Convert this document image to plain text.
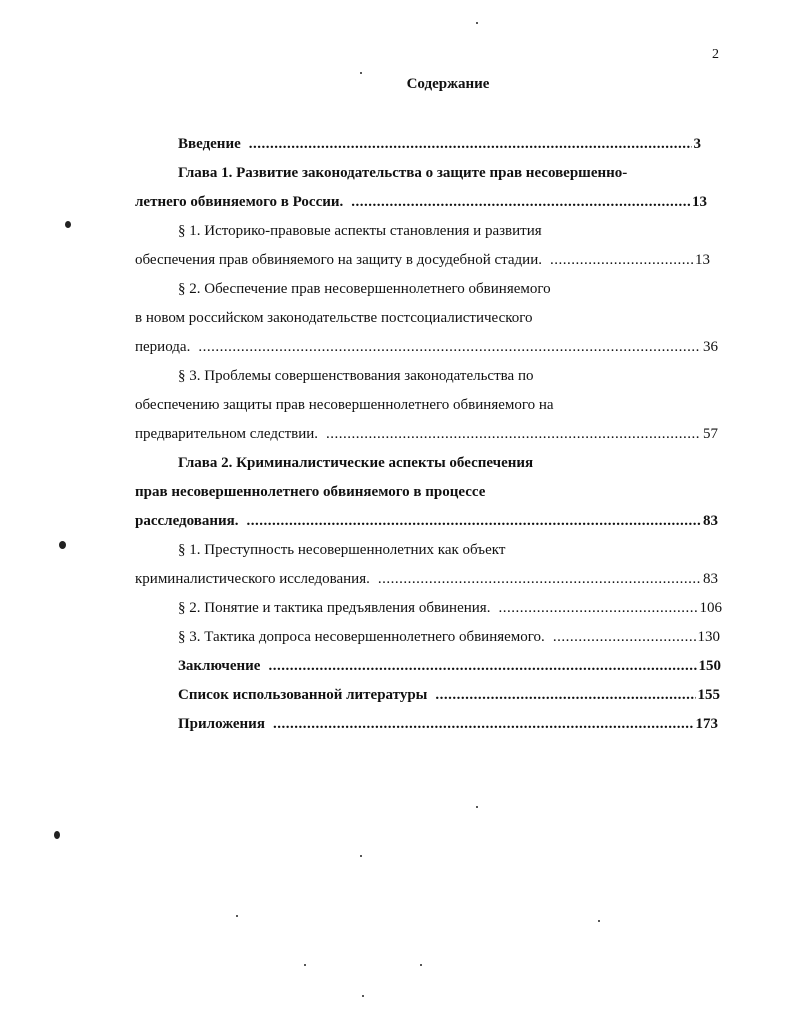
2
Содержание
Введение .....	3
Глава 1. Развитие законодательства о защите прав несовершенно-
летнего обвиняемого в России. .....	13
§ 1. Историко-правовые аспекты становления и развития
обеспечения прав обвиняемого на защиту в досудебной стадии. .....	13
§ 2. Обеспечение прав несовершеннолетнего обвиняемого
в новом российском законодательстве постсоциалистического
периода. .....	36
§ 3. Проблемы совершенствования законодательства по
обеспечению защиты прав несовершеннолетнего обвиняемого на
предварительном следствии. .....	57
Глава 2. Криминалистические аспекты обеспечения
прав несовершеннолетнего обвиняемого в процессе
расследования. .....	83
§ 1. Преступность несовершеннолетних как объект
криминалистического исследования. .....	83
§ 2. Понятие и тактика предъявления обвинения. .....	106
§ 3. Тактика допроса несовершеннолетнего обвиняемого. .....	130
Заключение .....	150
Список использованной литературы .....	155
Приложения .....	173
